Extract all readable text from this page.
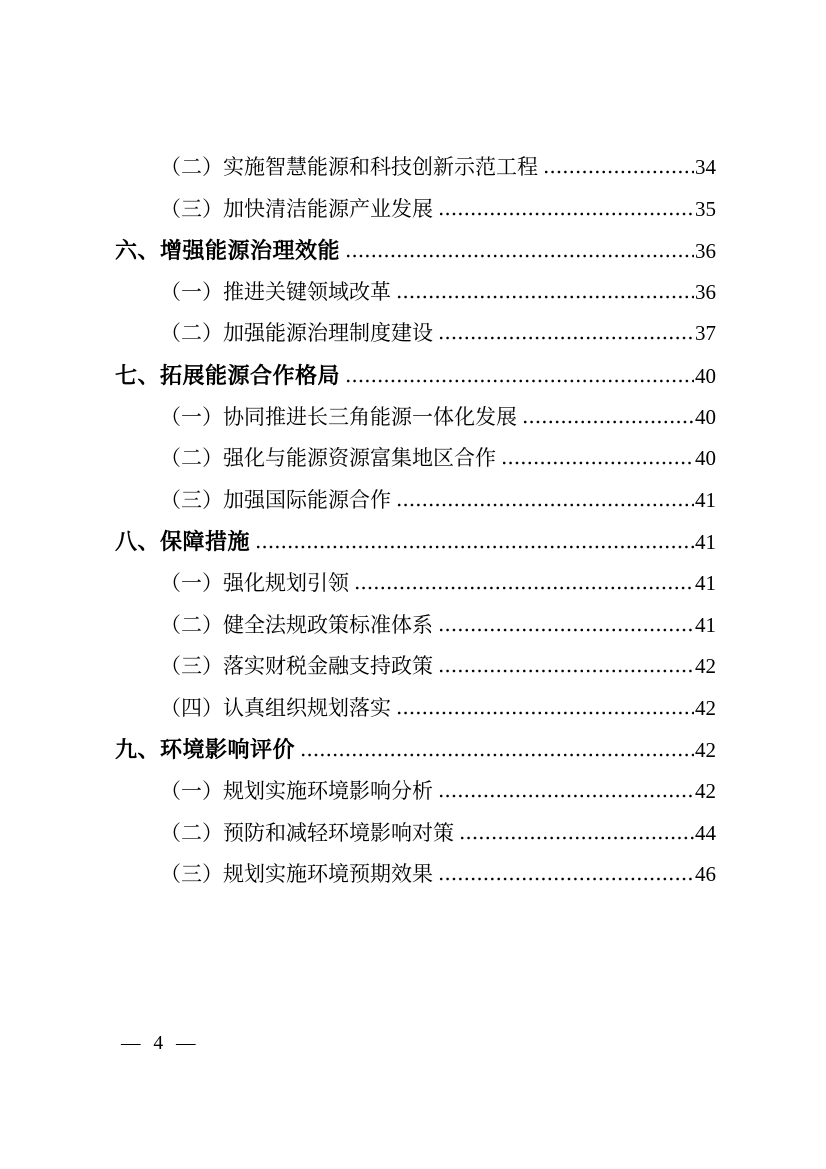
（二）实施智慧能源和科技创新示范工程	34
（三）加快清洁能源产业发展	35
六、增强能源治理效能	36
（一）推进关键领域改革	36
（二）加强能源治理制度建设	37
七、拓展能源合作格局	40
（一）协同推进长三角能源一体化发展	40
（二）强化与能源资源富集地区合作	40
（三）加强国际能源合作	41
八、保障措施	41
（一）强化规划引领	41
（二）健全法规政策标准体系	41
（三）落实财税金融支持政策	42
（四）认真组织规划落实	42
九、环境影响评价	42
（一）规划实施环境影响分析	42
（二）预防和减轻环境影响对策	44
（三）规划实施环境预期效果	46
— 4 —
